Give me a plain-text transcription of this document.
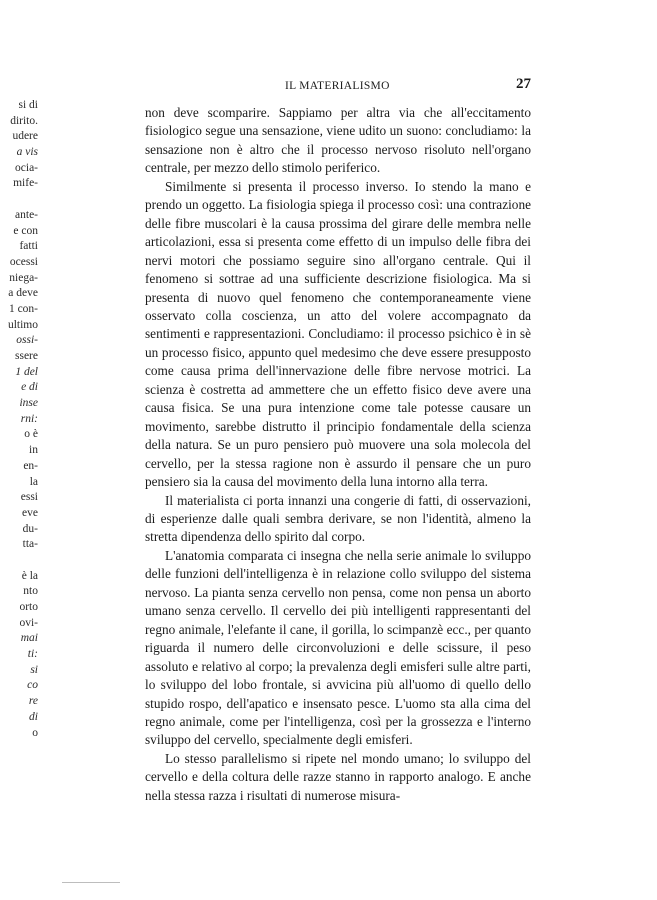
si di
dirito.
udere
a vis
ocia-
mife-
ante-
e con
fatti
ocessi
niega-
a deve
1 con-
ultimo
ossi-
ssere
1 del
e di
inse
rni:
o è
in
en-
la
essi
eve
du-
tta-
è la
nto
orto
ovi-
mai
ti:
si
co
re
di
o
IL MATERIALISMO	27

non deve scomparire. Sappiamo per altra via che all'eccitamento fisiologico segue una sensazione, viene udito un suono: concludiamo: la sensazione non è altro che il processo nervoso risoluto nell'organo centrale, per mezzo dello stimolo periferico.

Similmente si presenta il processo inverso. Io stendo la mano e prendo un oggetto. La fisiologia spiega il processo così: una contrazione delle fibre muscolari è la causa prossima del girare delle membra nelle articolazioni, essa si presenta come effetto di un impulso delle fibra dei nervi motori che possiamo seguire sino all'organo centrale. Qui il fenomeno si sottrae ad una sufficiente descrizione fisiologica. Ma si presenta di nuovo quel fenomeno che contemporaneamente viene osservato colla coscienza, un atto del volere accompagnato da sentimenti e rappresentazioni. Concludiamo: il processo psichico è in sè un processo fisico, appunto quel medesimo che deve essere presupposto come causa prima dell'innervazione delle fibre nervose motrici. La scienza è costretta ad ammettere che un effetto fisico deve avere una causa fisica. Se una pura intenzione come tale potesse causare un movimento, sarebbe distrutto il principio fondamentale della scienza della natura. Se un puro pensiero può muovere una sola molecola del cervello, per la stessa ragione non è assurdo il pensare che un puro pensiero sia la causa del movimento della luna intorno alla terra.

Il materialista ci porta innanzi una congerie di fatti, di osservazioni, di esperienze dalle quali sembra derivare, se non l'identità, almeno la stretta dipendenza dello spirito dal corpo.

L'anatomia comparata ci insegna che nella serie animale lo sviluppo delle funzioni dell'intelligenza è in relazione collo sviluppo del sistema nervoso. La pianta senza cervello non pensa, come non pensa un aborto umano senza cervello. Il cervello dei più intelligenti rappresentanti del regno animale, l'elefante il cane, il gorilla, lo scimpanzè ecc., per quanto riguarda il numero delle circonvoluzioni e delle scissure, il peso assoluto e relativo al corpo; la prevalenza degli emisferi sulle altre parti, lo sviluppo del lobo frontale, si avvicina più all'uomo di quello dello stupido rospo, dell'apatico e insensato pesce. L'uomo sta alla cima del regno animale, come per l'intelligenza, così per la grossezza e l'interno sviluppo del cervello, specialmente degli emisferi.

Lo stesso parallelismo si ripete nel mondo umano; lo sviluppo del cervello e della coltura delle razze stanno in rapporto analogo. E anche nella stessa razza i risultati di numerose misura-
